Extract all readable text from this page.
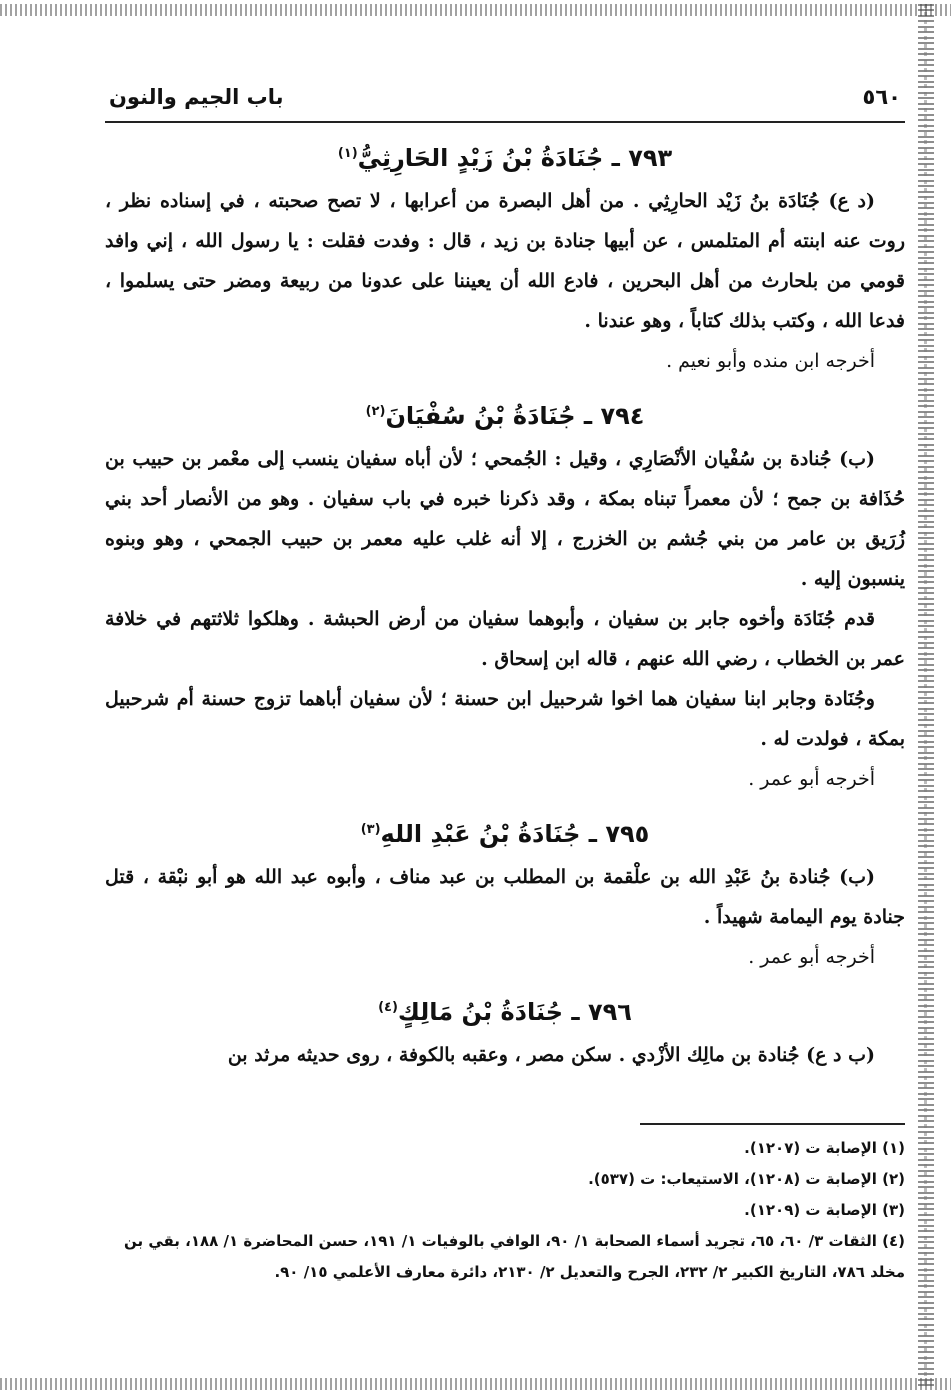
٥٦٠
باب الجيم والنون
٧٩٣ ـ جُنَادَةُ بْنُ زَيْدٍ الحَارِثِيُّ$^{(١)}$

(د ع) جُنَادَة بنُ زَيْد الحارِثِي . من أهل البصرة من أعرابها ، لا تصح صحبته ، في إسناده نظر ، روت عنه ابنته أم المتلمس ، عن أبيها جنادة بن زيد ، قال : وفدت فقلت : يا رسول الله ، إني وافد قومي من بلحارث من أهل البحرين ، فادع الله أن يعيننا على عدونا من ربيعة ومضر حتى يسلموا ، فدعا الله ، وكتب بذلك كتاباً ، وهو عندنا .

أخرجه ابن منده وأبو نعيم .

٧٩٤ ـ جُنَادَةُ بْنُ سُفْيَانَ$^{(٢)}$

(ب) جُنادة بن سُفْيان الأنْصَارِي ، وقيل : الجُمحي ؛ لأن أباه سفيان ينسب إلى معْمر بن حبيب بن حُذَافة بن جمح ؛ لأن معمراً تبناه بمكة ، وقد ذكرنا خبره في باب سفيان . وهو من الأنصار أحد بني زُرَيق بن عامر من بني جُشم بن الخزرج ، إلا أنه غلب عليه معمر بن حبيب الجمحي ، وهو وبنوه ينسبون إليه .

قدم جُنَادَة وأخوه جابر بن سفيان ، وأبوهما سفيان من أرض الحبشة . وهلكوا ثلاثتهم في خلافة عمر بن الخطاب ، رضي الله عنهم ، قاله ابن إسحاق .

وجُنَادة وجابر ابنا سفيان هما اخوا شرحبيل ابن حسنة ؛ لأن سفيان أباهما تزوج حسنة أم شرحبيل بمكة ، فولدت له .

أخرجه أبو عمر .

٧٩٥ ـ جُنَادَةُ بْنُ عَبْدِ اللهِ$^{(٣)}$

(ب) جُنادة بنُ عَبْدِ الله بن علْقمة بن المطلب بن عبد مناف ، وأبوه عبد الله هو أبو نبْقة ، قتل جنادة يوم اليمامة شهيداً .

أخرجه أبو عمر .

٧٩٦ ـ جُنَادَةُ بْنُ مَالِكٍ$^{(٤)}$

(ب د ع) جُنادة بن مالِك الأزْدي . سكن مصر ، وعقبه بالكوفة ، روى حديثه مرثد بن

(١) الإصابة ت (١٢٠٧).
(٢) الإصابة ت (١٢٠٨)، الاستيعاب: ت (٥٣٧).
(٣) الإصابة ت (١٢٠٩).
(٤) الثقات ٣/ ٦٠، ٦٥، تجريد أسماء الصحابة ١/ ٩٠، الوافي بالوفيات ١/ ١٩١، حسن المحاضرة ١/ ١٨٨، بقي بن مخلد ٧٨٦، التاريخ الكبير ٢/ ٢٣٢، الجرح والتعديل ٢/ ٢١٣٠، دائرة معارف الأعلمي ١٥/ ٩٠.
